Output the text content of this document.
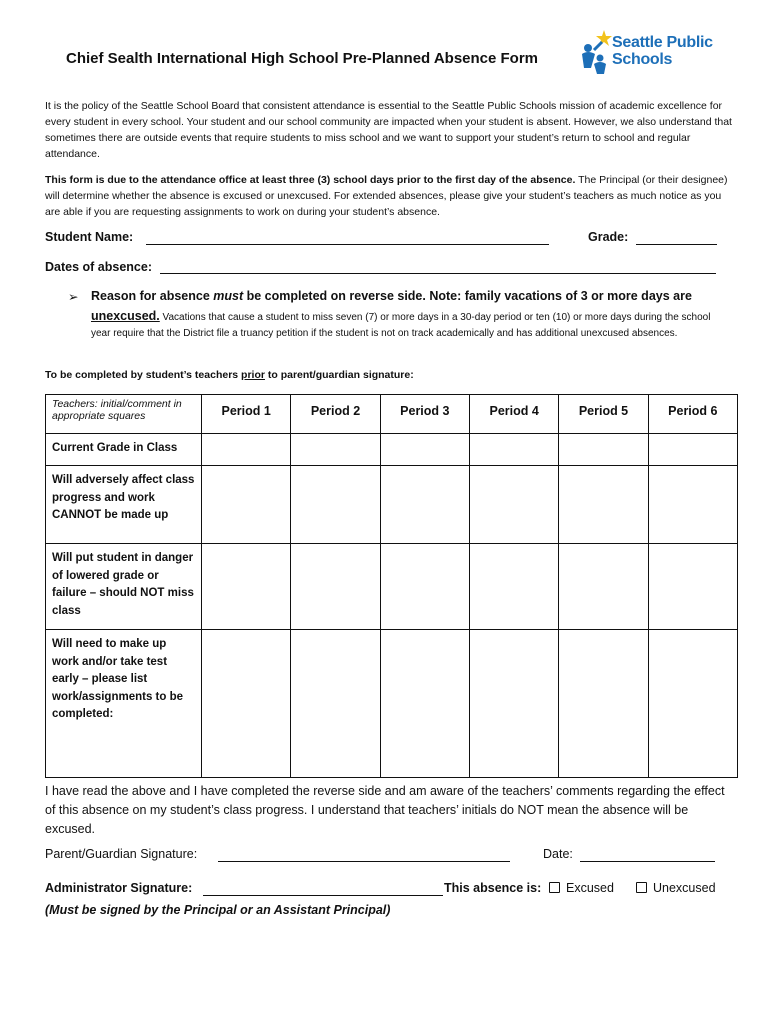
Chief Sealth International High School Pre-Planned Absence Form
Seattle Public
Schools
It is the policy of the Seattle School Board that consistent attendance is essential to the Seattle Public Schools mission of academic excellence for every student in every school. Your student and our school community are impacted when your student is absent. However, we also understand that sometimes there are outside events that require students to miss school and we want to support your student’s return to school and regular attendance.
This form is due to the attendance office at least three (3) school days prior to the first day of the absence. The Principal (or their designee) will determine whether the absence is excused or unexcused. For extended absences, please give your student’s teachers as much notice as you are able if you are requesting assignments to work on during your student’s absence.
Student Name:	Grade:
Dates of absence:
➢ Reason for absence must be completed on reverse side. Note: family vacations of 3 or more days are
unexcused. Vacations that cause a student to miss seven (7) or more days in a 30-day period or ten (10) or more days during the school year require that the District file a truancy petition if the student is not on track academically and has additional unexcused absences.
To be completed by student’s teachers prior to parent/guardian signature:
Teachers: initial/comment in appropriate squares	Period 1	Period 2	Period 3	Period 4	Period 5	Period 6
Current Grade in Class						
Will adversely affect class progress and work CANNOT be made up						
Will put student in danger of lowered grade or failure – should NOT miss class						
Will need to make up work and/or take test early – please list work/assignments to be completed:						
I have read the above and I have completed the reverse side and am aware of the teachers’ comments regarding the effect of this absence on my student’s class progress. I understand that teachers’ initials do NOT mean the absence will be excused.
Parent/Guardian Signature:	Date:
Administrator Signature:	This absence is:	Excused	Unexcused
(Must be signed by the Principal or an Assistant Principal)
